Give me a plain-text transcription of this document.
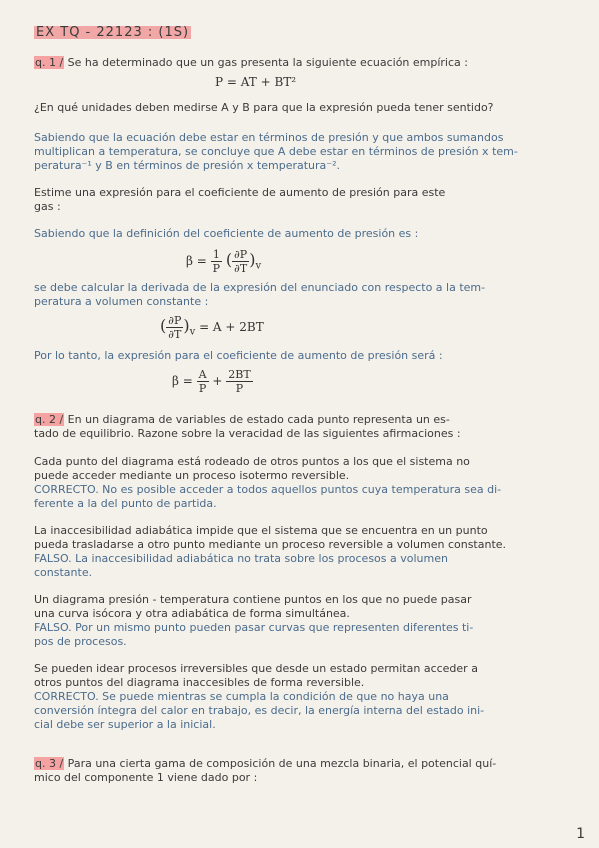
EX TQ - 22123 : (1S)
q. 1 / Se ha determinado que un gas presenta la siguiente ecuación empírica :
P = AT + BT²
¿En qué unidades deben medirse A y B para que la expresión pueda tener sentido?
Sabiendo que la ecuación debe estar en términos de presión y que ambos sumandos
multiplican a temperatura, se concluye que A debe estar en términos de presión x tem-
peratura⁻¹ y B en términos de presión x temperatura⁻².
Estime una expresión para el coeficiente de aumento de presión para este
gas :
Sabiendo que la definición del coeficiente de aumento de presión es :
$\beta = \frac{1}{P}$ ( $\frac{\partial P}{\partial T} )_v$
se debe calcular la derivada de la expresión del enunciado con respecto a la tem-
peratura a volumen constante :
( $\frac{\partial P}{\partial T} )_v = A + 2BT$
Por lo tanto, la expresión para el coeficiente de aumento de presión será :
$\beta = \frac{A}{P} + \frac{2BT}{P}$
q. 2 / En un diagrama de variables de estado cada punto representa un es-
tado de equilibrio. Razone sobre la veracidad de las siguientes afirmaciones :
Cada punto del diagrama está rodeado de otros puntos a los que el sistema no
puede acceder mediante un proceso isotermo reversible.
CORRECTO. No es posible acceder a todos aquellos puntos cuya temperatura sea di-
ferente a la del punto de partida.
La inaccesibilidad adiabática impide que el sistema que se encuentra en un punto
pueda trasladarse a otro punto mediante un proceso reversible a volumen constante.
FALSO. La inaccesibilidad adiabática no trata sobre los procesos a volumen
constante.
Un diagrama presión - temperatura contiene puntos en los que no puede pasar
una curva isócora y otra adiabática de forma simultánea.
FALSO. Por un mismo punto pueden pasar curvas que representen diferentes ti-
pos de procesos.
Se pueden idear procesos irreversibles que desde un estado permitan acceder a
otros puntos del diagrama inaccesibles de forma reversible.
CORRECTO. Se puede mientras se cumpla la condición de que no haya una
conversión íntegra del calor en trabajo, es decir, la energía interna del estado ini-
cial debe ser superior a la inicial.
q. 3 / Para una cierta gama de composición de una mezcla binaria, el potencial quí-
mico del componente 1 viene dado por :
1
